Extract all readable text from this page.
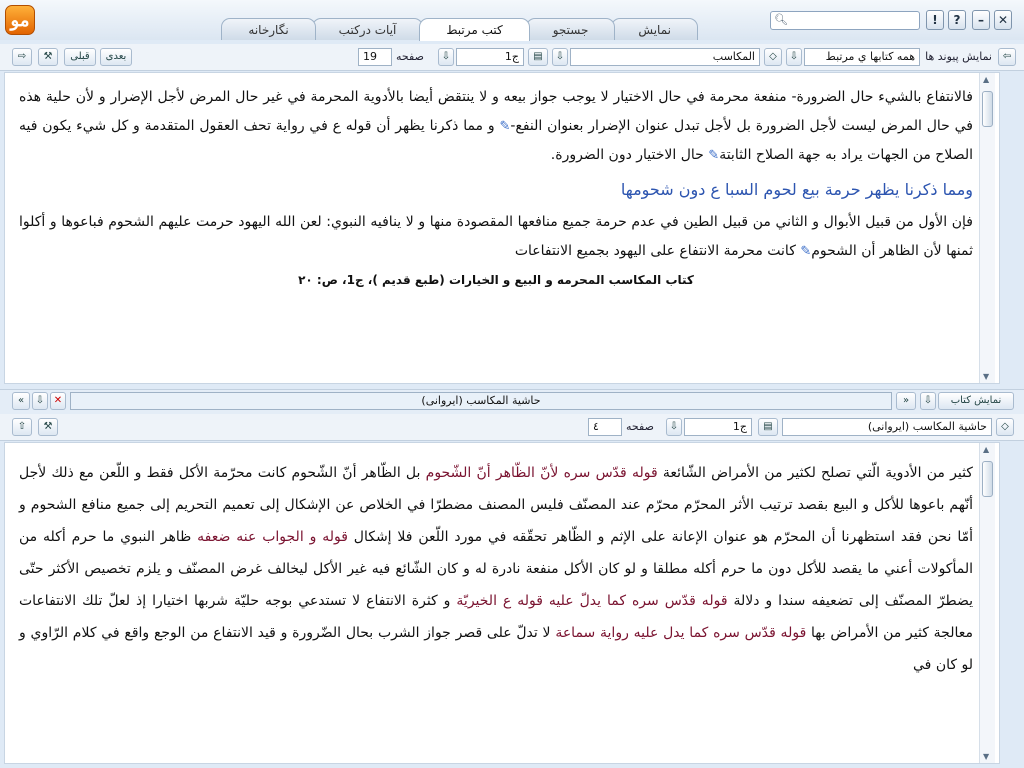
ﻣﻮ	نمايش
جستجو
كتب مرتبط
آيات دركتب
نگارخانه
🔍︎	!	?	–	✕
⇦
نمايش پيوند ها
همه كتابها ي مرتبط
⇩
◇
المكاسب
⇩
▤
ج1
⇩
صفحه
19
بعدی
قبلی
⚒
⇨

فالانتفاع بالشيء حال الضرورة- منفعة محرمة في حال الاختيار لا يوجب جواز بيعه و لا ينتقض أيضا بالأدوية المحرمة في غير حال المرض لأجل الإضرار و لأن حلية هذه في حال المرض ليست لأجل الضرورة بل لأجل تبدل عنوان الإضرار بعنوان النفع-✎ و مما ذكرنا يظهر أن قوله ع في رواية تحف العقول المتقدمة و كل شيء يكون فيه الصلاح من الجهات يراد به جهة الصلاح الثابتة✎ حال الاختيار دون الضرورة.

ومما ذكرنا يظهر حرمة بيع لحوم السبا ع دون شحومها

فإن الأول من قبيل الأبوال و الثاني من قبيل الطين في عدم حرمة جميع منافعها المقصودة منها و لا ينافيه النبوي: لعن الله اليهود حرمت عليهم الشحوم فباعوها و أكلوا ثمنها لأن الظاهر أن الشحوم✎ كانت محرمة الانتفاع على اليهود بجميع الانتفاعات

كتاب المكاسب المحرمه و البيع و الخيارات (طبع قديم )، ج1، ص: ٢٠

▲
▼
نمايش كتاب
⇩
»
حاشية المكاسب (ايروانى)
✕
⇩
«
◇
حاشية المكاسب (ايروانى)
▤
ج1
⇩
صفحه
٤
⚒
⇧

كثير من الأدوية الّتي تصلح لكثير من الأمراض الشّائعة قوله قدّس سره لأنّ الظّاهر أنّ الشّحوم بل الظّاهر أنّ الشّحوم كانت محرّمة الأكل فقط و اللّعن مع ذلك لأجل أنّهم باعوها للأكل و البيع بقصد ترتيب الأثر المحرّم محرّم عند المصنّف فليس المصنف مضطرّا في الخلاص عن الإشكال إلى تعميم التحريم إلى جميع منافع الشحوم و أمّا نحن فقد استظهرنا أن المحرّم هو عنوان الإعانة على الإثم و الظّاهر تحقّقه في مورد اللّعن فلا إشكال قوله و الجواب عنه ضعفه ظاهر النبوي ما حرم أكله من المأكولات أعني ما يقصد للأكل دون ما حرم أكله مطلقا و لو كان الأكل منفعة نادرة له و كان الشّائع فيه غير الأكل ليخالف غرض المصنّف و يلزم تخصيص الأكثر حتّى يضطرّ المصنّف إلى تضعيفه سندا و دلالة قوله قدّس سره كما يدلّ عليه قوله ع الخيريّة و كثرة الانتفاع لا تستدعي بوجه حليّة شربها اختيارا إذ لعلّ تلك الانتفاعات معالجة كثير من الأمراض بها قوله قدّس سره كما يدل عليه رواية سماعة لا تدلّ على قصر جواز الشرب بحال الضّرورة و قيد الانتفاع من الوجع واقع في كلام الرّاوي و لو كان في

▲
▼
